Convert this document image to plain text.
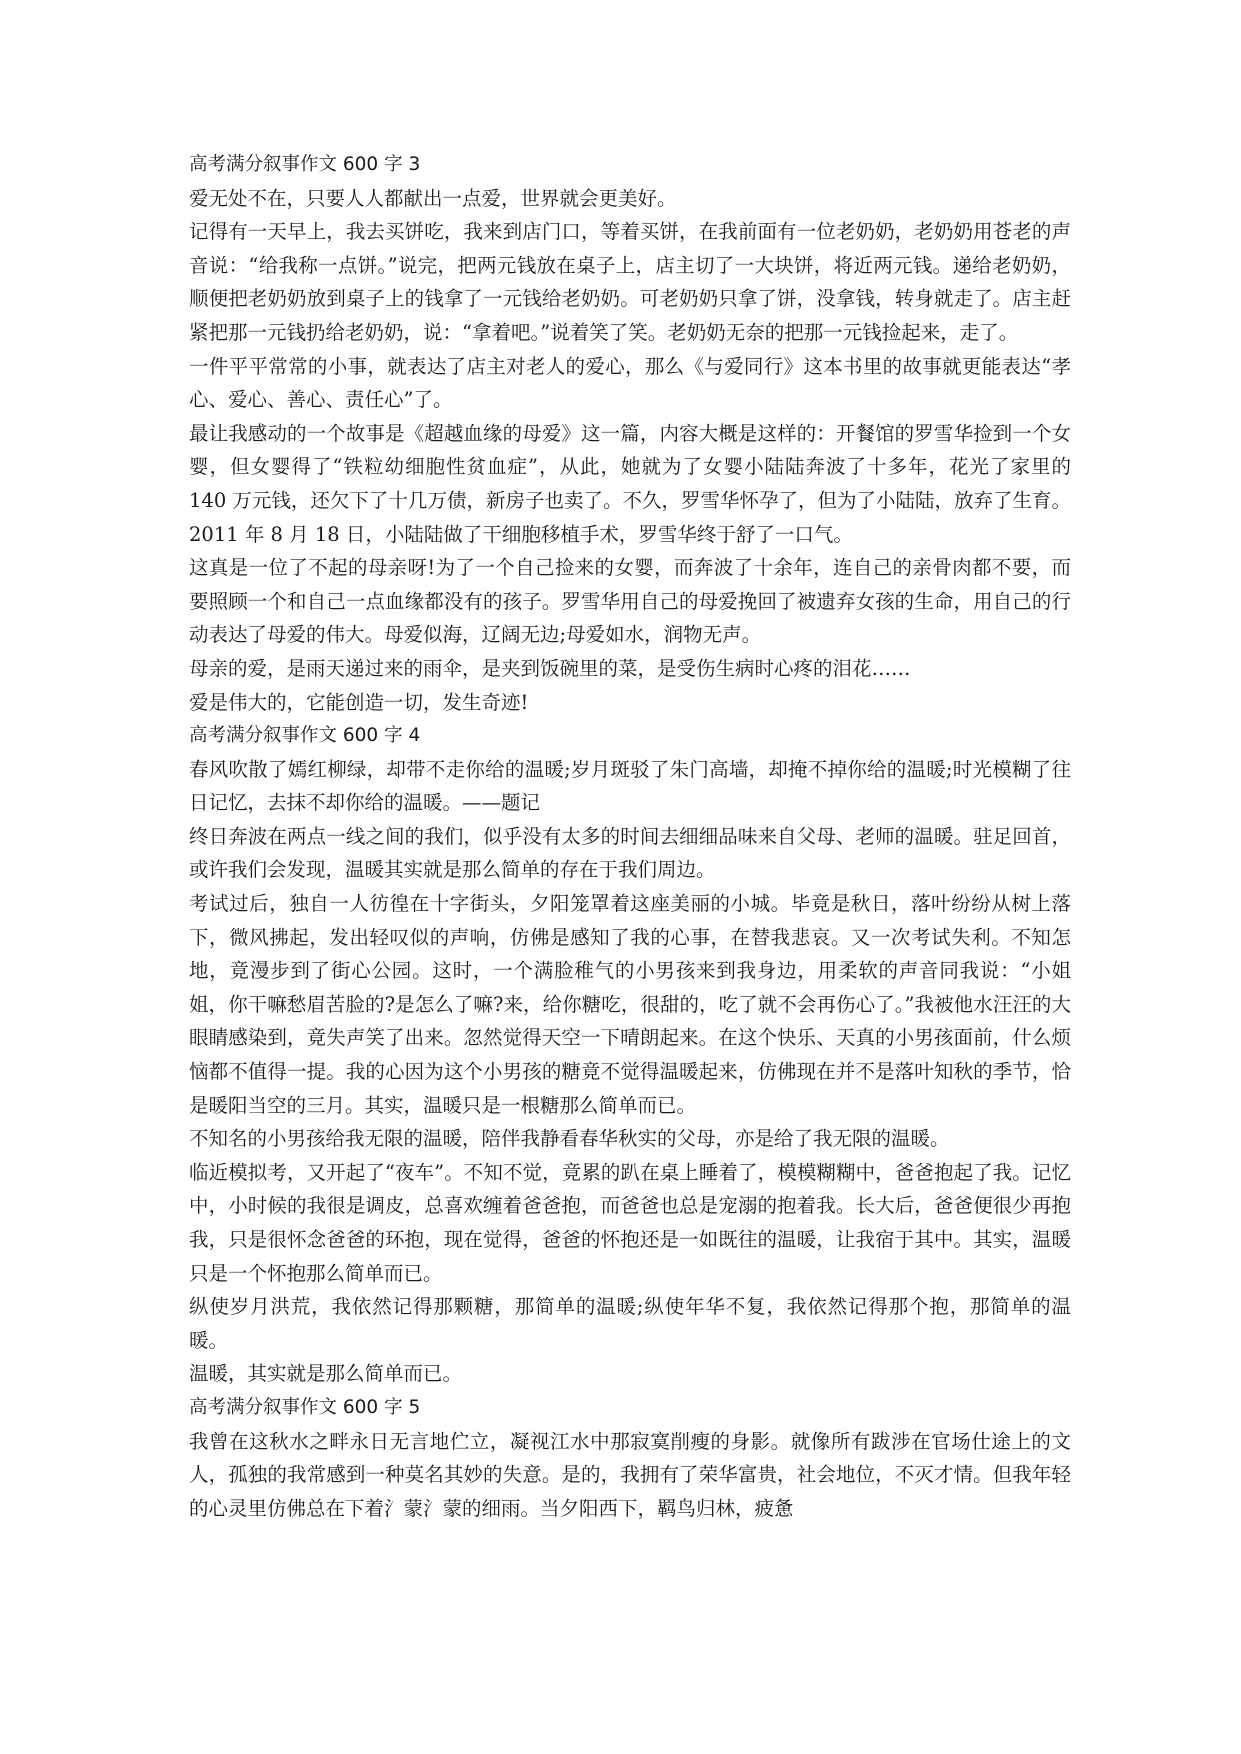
高考满分叙事作文 600 字 3

爱无处不在，只要人人都献出一点爱，世界就会更美好。

记得有一天早上，我去买饼吃，我来到店门口，等着买饼，在我前面有一位老奶奶，老奶奶用苍老的声音说：“给我称一点饼。”说完，把两元钱放在桌子上，店主切了一大块饼，将近两元钱。递给老奶奶，顺便把老奶奶放到桌子上的钱拿了一元钱给老奶奶。可老奶奶只拿了饼，没拿钱，转身就走了。店主赶紧把那一元钱扔给老奶奶，说：“拿着吧。”说着笑了笑。老奶奶无奈的把那一元钱捡起来，走了。

一件平平常常的小事，就表达了店主对老人的爱心，那么《与爱同行》这本书里的故事就更能表达“孝心、爱心、善心、责任心”了。

最让我感动的一个故事是《超越血缘的母爱》这一篇，内容大概是这样的：开餐馆的罗雪华捡到一个女婴，但女婴得了“铁粒幼细胞性贫血症”，从此，她就为了女婴小陆陆奔波了十多年，花光了家里的 140 万元钱，还欠下了十几万债，新房子也卖了。不久，罗雪华怀孕了，但为了小陆陆，放弃了生育。2011 年 8 月 18 日，小陆陆做了干细胞移植手术，罗雪华终于舒了一口气。

这真是一位了不起的母亲呀!为了一个自己捡来的女婴，而奔波了十余年，连自己的亲骨肉都不要，而要照顾一个和自己一点血缘都没有的孩子。罗雪华用自己的母爱挽回了被遗弃女孩的生命，用自己的行动表达了母爱的伟大。母爱似海，辽阔无边;母爱如水，润物无声。

母亲的爱，是雨天递过来的雨伞，是夹到饭碗里的菜，是受伤生病时心疼的泪花……

爱是伟大的，它能创造一切，发生奇迹!

高考满分叙事作文 600 字 4

春风吹散了嫣红柳绿，却带不走你给的温暖;岁月斑驳了朱门高墙，却掩不掉你给的温暖;时光模糊了往日记忆，去抹不却你给的温暖。——题记

终日奔波在两点一线之间的我们，似乎没有太多的时间去细细品味来自父母、老师的温暖。驻足回首，或许我们会发现，温暖其实就是那么简单的存在于我们周边。

考试过后，独自一人彷徨在十字街头，夕阳笼罩着这座美丽的小城。毕竟是秋日，落叶纷纷从树上落下，微风拂起，发出轻叹似的声响，仿佛是感知了我的心事，在替我悲哀。又一次考试失利。不知怎地，竟漫步到了街心公园。这时，一个满脸稚气的小男孩来到我身边，用柔软的声音同我说：“小姐姐，你干嘛愁眉苦脸的?是怎么了嘛?来，给你糖吃，很甜的，吃了就不会再伤心了。”我被他水汪汪的大眼睛感染到，竟失声笑了出来。忽然觉得天空一下晴朗起来。在这个快乐、天真的小男孩面前，什么烦恼都不值得一提。我的心因为这个小男孩的糖竟不觉得温暖起来，仿佛现在并不是落叶知秋的季节，恰是暖阳当空的三月。其实，温暖只是一根糖那么简单而已。

不知名的小男孩给我无限的温暖，陪伴我静看春华秋实的父母，亦是给了我无限的温暖。

临近模拟考，又开起了“夜车”。不知不觉，竟累的趴在桌上睡着了，模模糊糊中，爸爸抱起了我。记忆中，小时候的我很是调皮，总喜欢缠着爸爸抱，而爸爸也总是宠溺的抱着我。长大后，爸爸便很少再抱我，只是很怀念爸爸的环抱，现在觉得，爸爸的怀抱还是一如既往的温暖，让我宿于其中。其实，温暖只是一个怀抱那么简单而已。

纵使岁月洪荒，我依然记得那颗糖，那简单的温暖;纵使年华不复，我依然记得那个抱，那简单的温暖。

温暖，其实就是那么简单而已。

高考满分叙事作文 600 字 5

我曾在这秋水之畔永日无言地伫立，凝视江水中那寂寞削瘦的身影。就像所有跋涉在官场仕途上的文人，孤独的我常感到一种莫名其妙的失意。是的，我拥有了荣华富贵，社会地位，不灭才情。但我年轻的心灵里仿佛总在下着氵蒙氵蒙的细雨。当夕阳西下，羁鸟归林，疲惫
